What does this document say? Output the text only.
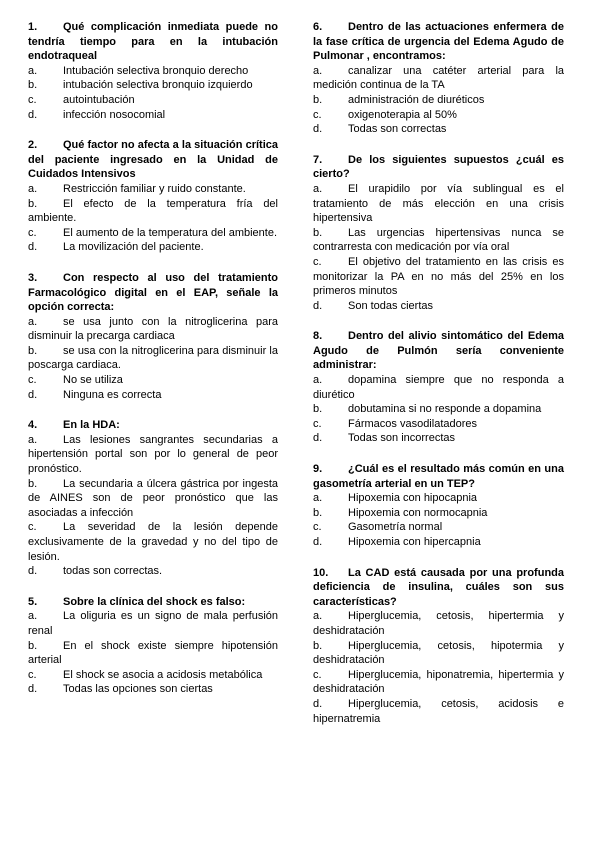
1. Qué complicación inmediata puede no tendría tiempo para en la intubación endotraqueal
a. Intubación selectiva bronquio derecho
b. intubación selectiva bronquio izquierdo
c. autointubación
d. infección nosocomial
2. Qué factor no afecta a la situación crítica del paciente ingresado en la Unidad de Cuidados Intensivos
a. Restricción familiar y ruido constante.
b. El efecto de la temperatura fría del ambiente.
c. El aumento de la temperatura del ambiente.
d. La movilización del paciente.
3. Con respecto al uso del tratamiento Farmacológico digital en el EAP, señale la opción correcta:
a. se usa junto con la nitroglicerina para disminuir la precarga cardiaca
b. se usa con la nitroglicerina para disminuir la poscarga cardiaca.
c. No se utiliza
d. Ninguna es correcta
4. En la HDA:
a. Las lesiones sangrantes secundarias a hipertensión portal son por lo general de peor pronóstico.
b. La secundaria a úlcera gástrica por ingesta de AINES son de peor pronóstico que las asociadas a infección
c. La severidad de la lesión depende exclusivamente de la gravedad y no del tipo de lesión.
d. todas son correctas.
5. Sobre la clínica del shock es falso:
a. La oliguria es un signo de mala perfusión renal
b. En el shock existe siempre hipotensión arterial
c. El shock se asocia a acidosis metabólica
d. Todas las opciones son ciertas
6. Dentro de las actuaciones enfermera de la fase crítica de urgencia del Edema Agudo de Pulmonar , encontramos:
a. canalizar una catéter arterial para la medición continua de la TA
b. administración de diuréticos
c. oxigenoterapia al 50%
d. Todas son correctas
7. De los siguientes supuestos ¿cuál es cierto?
a. El urapidilo por vía sublingual es el tratamiento de más elección en una crisis hipertensiva
b. Las urgencias hipertensivas nunca se contrarresta con medicación por vía oral
c. El objetivo del tratamiento en las crisis es monitorizar la PA en no más del 25% en los primeros minutos
d. Son todas ciertas
8. Dentro del alivio sintomático del Edema Agudo de Pulmón sería conveniente administrar:
a. dopamina siempre que no responda a diurético
b. dobutamina si no responde a dopamina
c. Fármacos vasodilatadores
d. Todas son incorrectas
9. ¿Cuál es el resultado más común en una gasometría arterial en un TEP?
a. Hipoxemia con hipocapnia
b. Hipoxemia con normocapnia
c. Gasometría normal
d. Hipoxemia con hipercapnia
10. La CAD está causada por una profunda deficiencia de insulina, cuáles son sus características?
a. Hiperglucemia, cetosis, hipertermia y deshidratación
b. Hiperglucemia, cetosis, hipotermia y deshidratación
c. Hiperglucemia, hiponatremia, hipertermia y deshidratación
d. Hiperglucemia, cetosis, acidosis e hipernatremia
